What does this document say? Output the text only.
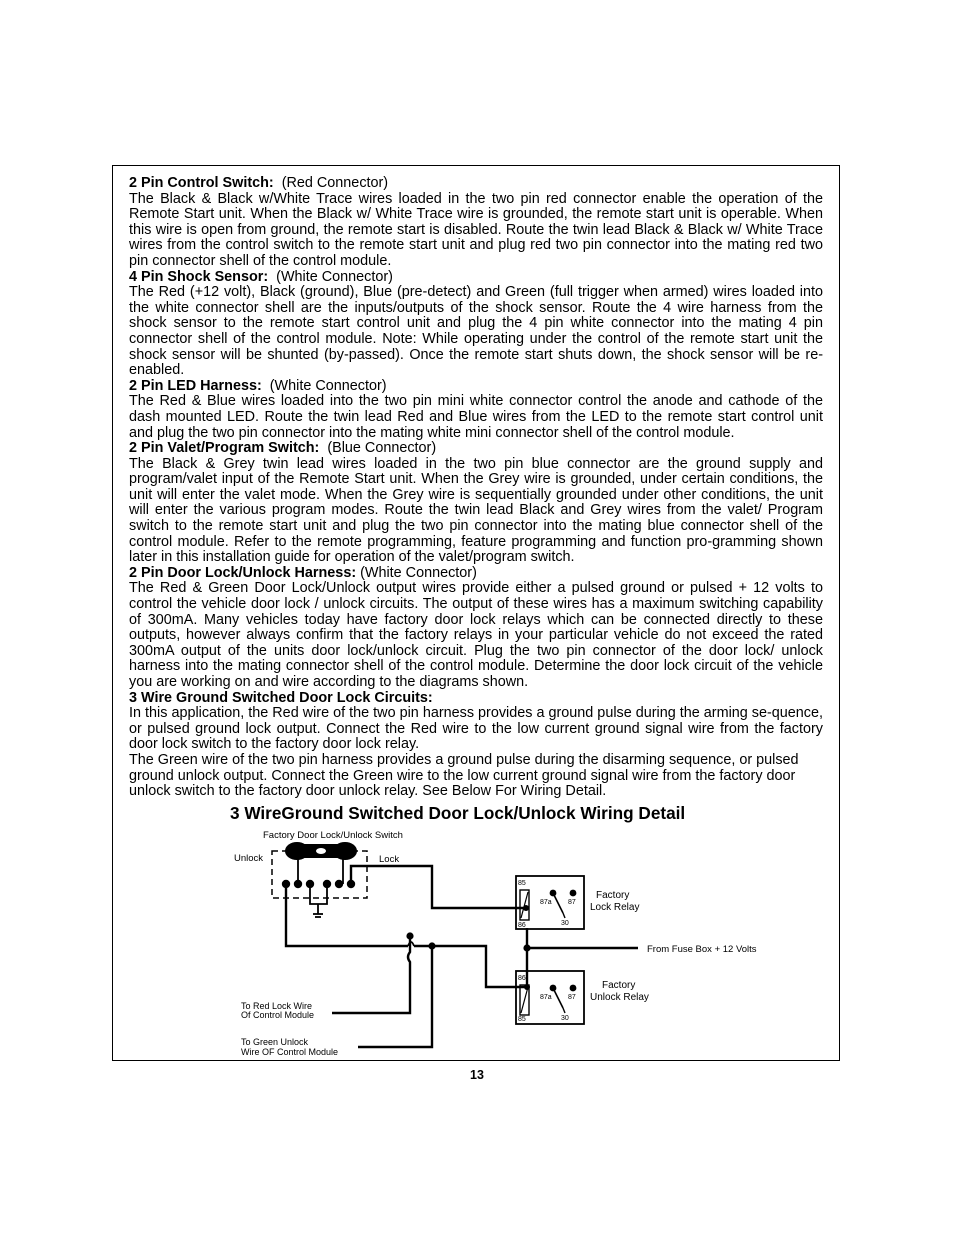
2 Pin Control Switch: (Red Connector)

The Black & Black w/White Trace wires loaded in the two pin red connector enable the operation of the Remote Start unit. When the Black w/ White Trace wire is grounded, the remote start unit is operable. When this wire is open from ground, the remote start is disabled. Route the twin lead Black & Black w/ White Trace wires from the control switch to the remote start unit and plug red two pin connector into the mating red two pin connector shell of the control module.

4 Pin Shock Sensor: (White Connector)

The Red (+12 volt), Black (ground), Blue (pre-detect) and Green (full trigger when armed) wires loaded into the white connector shell are the inputs/outputs of the shock sensor. Route the 4 wire harness from the shock sensor to the remote start control unit and plug the 4 pin white connector into the mating 4 pin connector shell of the control module. Note: While operating under the control of the remote start unit the shock sensor will be shunted (by-passed). Once the remote start shuts down, the shock sensor will be re-enabled.

2 Pin LED Harness: (White Connector)

The Red & Blue wires loaded into the two pin mini white connector control the anode and cathode of the dash mounted LED. Route the twin lead Red and Blue wires from the LED to the remote start control unit and plug the two pin connector into the mating white mini connector shell of the control module.

2 Pin Valet/Program Switch: (Blue Connector)

The Black & Grey twin lead wires loaded in the two pin blue connector are the ground supply and program/valet input of the Remote Start unit. When the Grey wire is grounded, under certain conditions, the unit will enter the valet mode. When the Grey wire is sequentially grounded under other conditions, the unit will enter the various program modes. Route the twin lead Black and Grey wires from the valet/ Program switch to the remote start unit and plug the two pin connector into the mating blue connector shell of the control module. Refer to the remote programming, feature programming and function pro-gramming shown later in this installation guide for operation of the valet/program switch.

2 Pin Door Lock/Unlock Harness: (White Connector)

The Red & Green Door Lock/Unlock output wires provide either a pulsed ground or pulsed + 12 volts to control the vehicle door lock / unlock circuits. The output of these wires has a maximum switching capability of 300mA. Many vehicles today have factory door lock relays which can be connected directly to these outputs, however always confirm that the factory relays in your particular vehicle do not exceed the rated 300mA output of the units door lock/unlock circuit. Plug the two pin connector of the door lock/ unlock harness into the mating connector shell of the control module. Determine the door lock circuit of the vehicle you are working on and wire according to the diagrams shown.

3 Wire Ground Switched Door Lock Circuits:

In this application, the Red wire of the two pin harness provides a ground pulse during the arming se-quence, or pulsed ground lock output. Connect the Red wire to the low current ground signal wire from the factory door lock switch to the factory door lock relay.

The Green wire of the two pin harness provides a ground pulse during the disarming sequence, or pulsed ground unlock output. Connect the Green wire to the low current ground signal wire from the factory door unlock switch to the factory door unlock relay. See Below For Wiring Detail.

3 WireGround Switched Door Lock/Unlock Wiring Detail
85
86
87a 87
30
Factory
Lock Relay
86
85
87a 87
30
Factory
Unlock Relay
Factory Door Lock/Unlock Switch
Unlock	Lock
From Fuse Box + 12 Volts
To Red Lock Wire
Of Control Module
To Green Unlock
Wire OF Control Module
13
